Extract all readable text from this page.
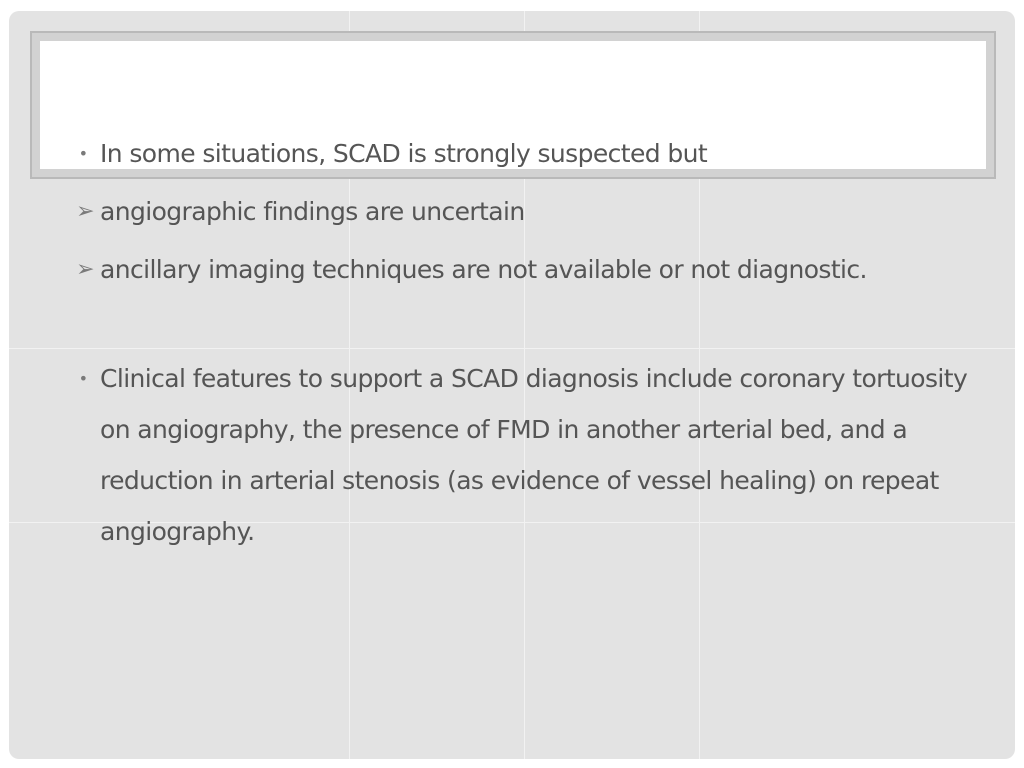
• In some situations, SCAD is strongly suspected but
➢ angiographic findings are uncertain
➢ ancillary imaging techniques are not available or not diagnostic.
• Clinical features to support a SCAD diagnosis include coronary tortuosity on angiography, the presence of FMD in another arterial bed, and a reduction in arterial stenosis (as evidence of vessel healing) on repeat angiography.
